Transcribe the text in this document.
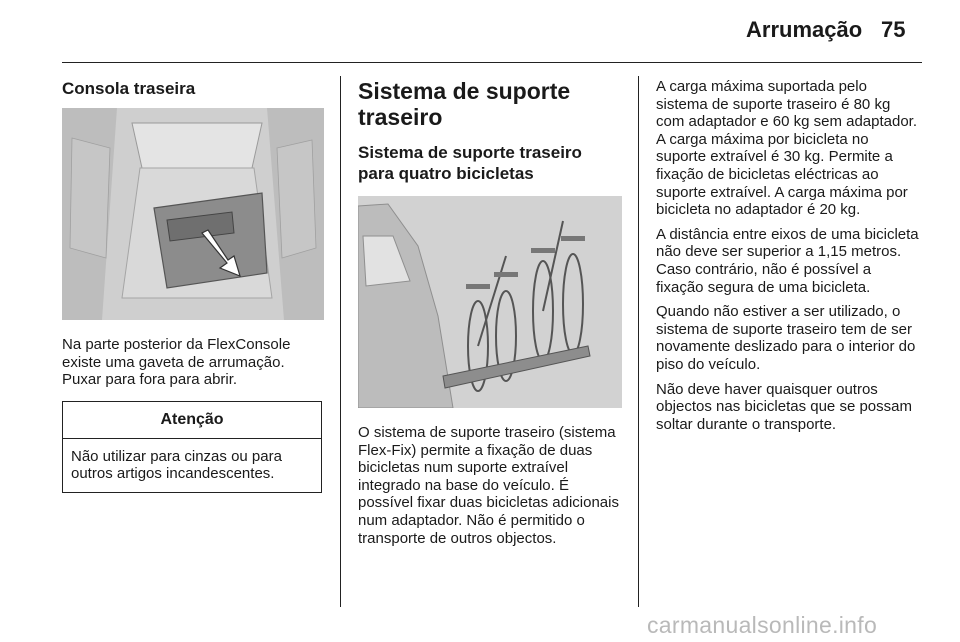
Arrumação 75
Consola traseira

Na parte posterior da FlexConsole existe uma gaveta de arrumação. Puxar para fora para abrir.

Atenção
Não utilizar para cinzas ou para outros artigos incandescentes.
Sistema de suporte traseiro
Sistema de suporte traseiro para quatro bicicletas

O sistema de suporte traseiro (sistema Flex-Fix) permite a fixação de duas bicicletas num suporte extraível integrado na base do veículo. É possível fixar duas bicicletas adicionais num adaptador. Não é permitido o transporte de outros objectos.

A carga máxima suportada pelo sistema de suporte traseiro é 80 kg com adaptador e 60 kg sem adaptador. A carga máxima por bicicleta no suporte extraível é 30 kg. Permite a fixação de bicicletas eléctricas ao suporte extraível. A carga máxima por bicicleta no adaptador é 20 kg.

A distância entre eixos de uma bicicleta não deve ser superior a 1,15 metros. Caso contrário, não é possível a fixação segura de uma bicicleta.

Quando não estiver a ser utilizado, o sistema de suporte traseiro tem de ser novamente deslizado para o interior do piso do veículo.

Não deve haver quaisquer outros objectos nas bicicletas que se possam soltar durante o transporte.

carmanualsonline.info
